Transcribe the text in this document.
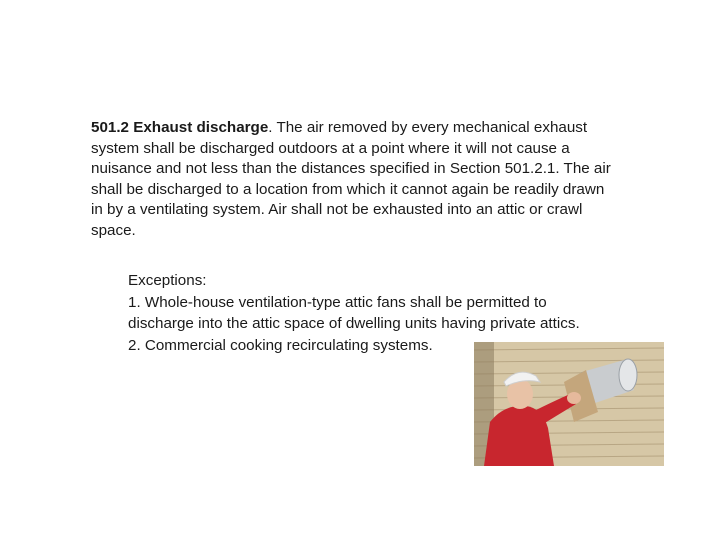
501.2 Exhaust discharge. The air removed by every mechanical exhaust system shall be discharged outdoors at a point where it will not cause a nuisance and not less than the distances specified in Section 501.2.1. The air shall be discharged to a location from which it cannot again be readily drawn in by a ventilating system. Air shall not be exhausted into an attic or crawl space.

Exceptions:
1. Whole-house ventilation-type attic fans shall be permitted to discharge into the attic space of dwelling units having private attics.
2. Commercial cooking recirculating systems.
